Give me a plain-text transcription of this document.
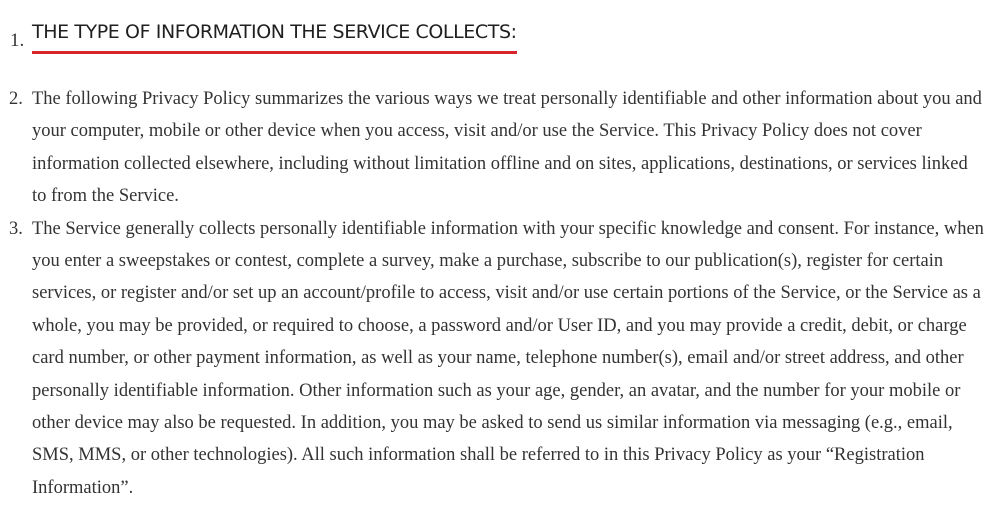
1. THE TYPE OF INFORMATION THE SERVICE COLLECTS:
2. The following Privacy Policy summarizes the various ways we treat personally identifiable and other information about you and your computer, mobile or other device when you access, visit and/or use the Service. This Privacy Policy does not cover information collected elsewhere, including without limitation offline and on sites, applications, destinations, or services linked to from the Service.
3. The Service generally collects personally identifiable information with your specific knowledge and consent. For instance, when you enter a sweepstakes or contest, complete a survey, make a purchase, subscribe to our publication(s), register for certain services, or register and/or set up an account/profile to access, visit and/or use certain portions of the Service, or the Service as a whole, you may be provided, or required to choose, a password and/or User ID, and you may provide a credit, debit, or charge card number, or other payment information, as well as your name, telephone number(s), email and/or street address, and other personally identifiable information. Other information such as your age, gender, an avatar, and the number for your mobile or other device may also be requested. In addition, you may be asked to send us similar information via messaging (e.g., email, SMS, MMS, or other technologies). All such information shall be referred to in this Privacy Policy as your “Registration Information”.
